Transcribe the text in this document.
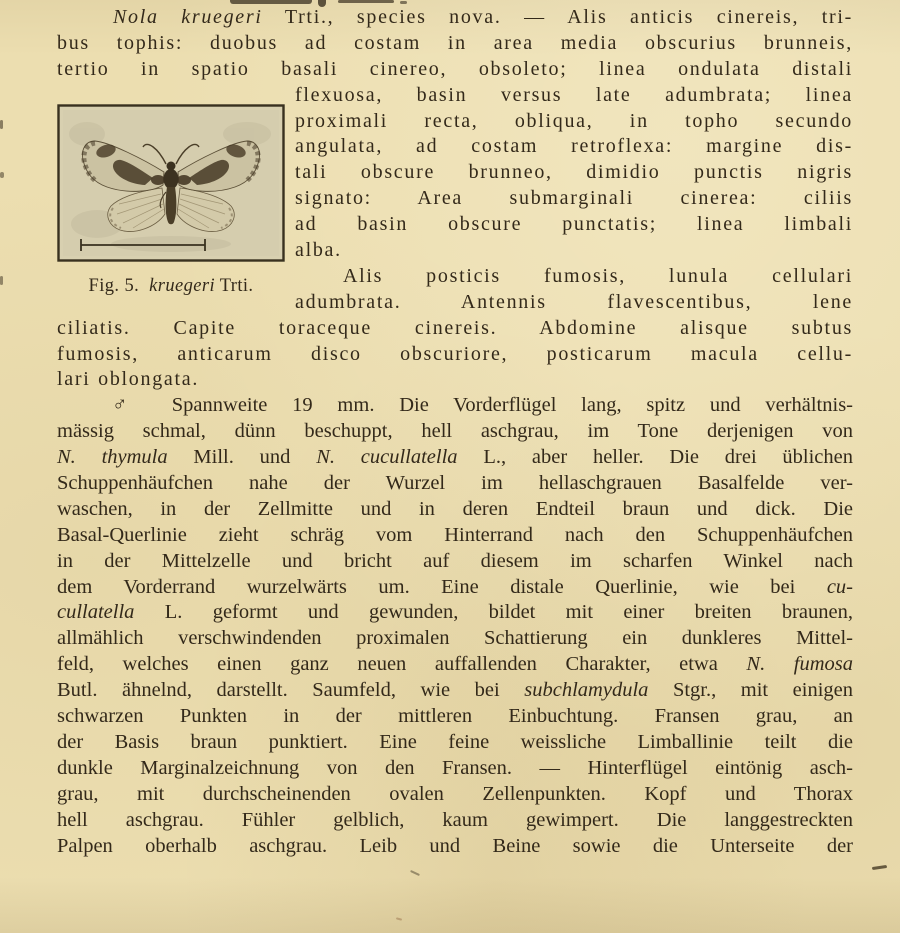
Nola kruegeri Trti., species nova. — Alis anticis cinereis, tri-
bus tophis: duobus ad costam in area media obscurius brunneis,
tertio in spatio basali cinereo, obsoleto; linea ondulata distali
flexuosa, basin versus late adumbrata; linea
proximali recta, obliqua, in topho secundo
angulata, ad costam retroflexa: margine dis-
tali obscure brunneo, dimidio punctis nigris
signato: Area submarginali cinerea: ciliis
ad basin obscure punctatis; linea limbali
alba.
Alis posticis fumosis, lunula cellulari
adumbrata. Antennis flavescentibus, lene
ciliatis. Capite toraceque cinereis. Abdomine alisque subtus
fumosis, anticarum disco obscuriore, posticarum macula cellu-
lari oblongata.
♂ Spannweite 19 mm. Die Vorderflügel lang, spitz und verhältnis-
mässig schmal, dünn beschuppt, hell aschgrau, im Tone derjenigen von
N. thymula Mill. und N. cucullatella L., aber heller. Die drei üblichen
Schuppenhäufchen nahe der Wurzel im hellaschgrauen Basalfelde ver-
waschen, in der Zellmitte und in deren Endteil braun und dick. Die
Basal-Querlinie zieht schräg vom Hinterrand nach den Schuppenhäufchen
in der Mittelzelle und bricht auf diesem im scharfen Winkel nach
dem Vorderrand wurzelwärts um. Eine distale Querlinie, wie bei cu-
cullatella L. geformt und gewunden, bildet mit einer breiten braunen,
allmählich verschwindenden proximalen Schattierung ein dunkleres Mittel-
feld, welches einen ganz neuen auffallenden Charakter, etwa N. fumosa
Butl. ähnelnd, darstellt. Saumfeld, wie bei subchlamydula Stgr., mit einigen
schwarzen Punkten in der mittleren Einbuchtung. Fransen grau, an
der Basis braun punktiert. Eine feine weissliche Limballinie teilt die
dunkle Marginalzeichnung von den Fransen. — Hinterflügel eintönig asch-
grau, mit durchscheinenden ovalen Zellenpunkten. Kopf und Thorax
hell aschgrau. Fühler gelblich, kaum gewimpert. Die langgestreckten
Palpen oberhalb aschgrau. Leib und Beine sowie die Unterseite der
Fig. 5. kruegeri Trti.
